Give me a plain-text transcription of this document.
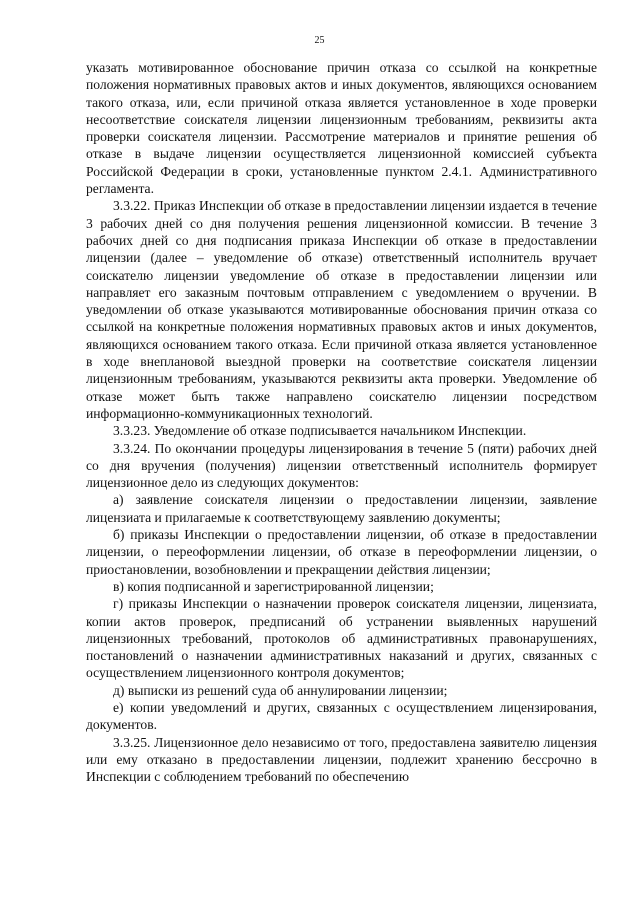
25

указать мотивированное обоснование причин отказа со ссылкой на конкретные положения нормативных правовых актов и иных документов, являющихся основанием такого отказа, или, если причиной отказа является установленное в ходе проверки несоответствие соискателя лицензии лицензионным требованиям, реквизиты акта проверки соискателя лицензии. Рассмотрение материалов и принятие решения об отказе в выдаче лицензии осуществляется лицензионной комиссией субъекта Российской Федерации в сроки, установленные пунктом 2.4.1. Административного регламента.

3.3.22. Приказ Инспекции об отказе в предоставлении лицензии издается в течение 3 рабочих дней со дня получения решения лицензионной комиссии. В течение 3 рабочих дней со дня подписания приказа Инспекции об отказе в предоставлении лицензии (далее – уведомление об отказе) ответственный исполнитель вручает соискателю лицензии уведомление об отказе в предоставлении лицензии или направляет его заказным почтовым отправлением с уведомлением о вручении. В уведомлении об отказе указываются мотивированные обоснования причин отказа со ссылкой на конкретные положения нормативных правовых актов и иных документов, являющихся основанием такого отказа. Если причиной отказа является установленное в ходе внеплановой выездной проверки на соответствие соискателя лицензии лицензионным требованиям, указываются реквизиты акта проверки. Уведомление об отказе может быть также направлено соискателю лицензии посредством информационно-коммуникационных технологий.

3.3.23. Уведомление об отказе подписывается начальником Инспекции.

3.3.24. По окончании процедуры лицензирования в течение 5 (пяти) рабочих дней со дня вручения (получения) лицензии ответственный исполнитель формирует лицензионное дело из следующих документов:

а) заявление соискателя лицензии о предоставлении лицензии, заявление лицензиата и прилагаемые к соответствующему заявлению документы;

б) приказы Инспекции о предоставлении лицензии, об отказе в предоставлении лицензии, о переоформлении лицензии, об отказе в переоформлении лицензии, о приостановлении, возобновлении и прекращении действия лицензии;

в) копия подписанной и зарегистрированной лицензии;

г) приказы Инспекции о назначении проверок соискателя лицензии, лицензиата, копии актов проверок, предписаний об устранении выявленных нарушений лицензионных требований, протоколов об административных правонарушениях, постановлений о назначении административных наказаний и других, связанных с осуществлением лицензионного контроля документов;

д) выписки из решений суда об аннулировании лицензии;

е) копии уведомлений и других, связанных с осуществлением лицензирования, документов.

3.3.25. Лицензионное дело независимо от того, предоставлена заявителю лицензия или ему отказано в предоставлении лицензии, подлежит хранению бессрочно в Инспекции с соблюдением требований по обеспечению
